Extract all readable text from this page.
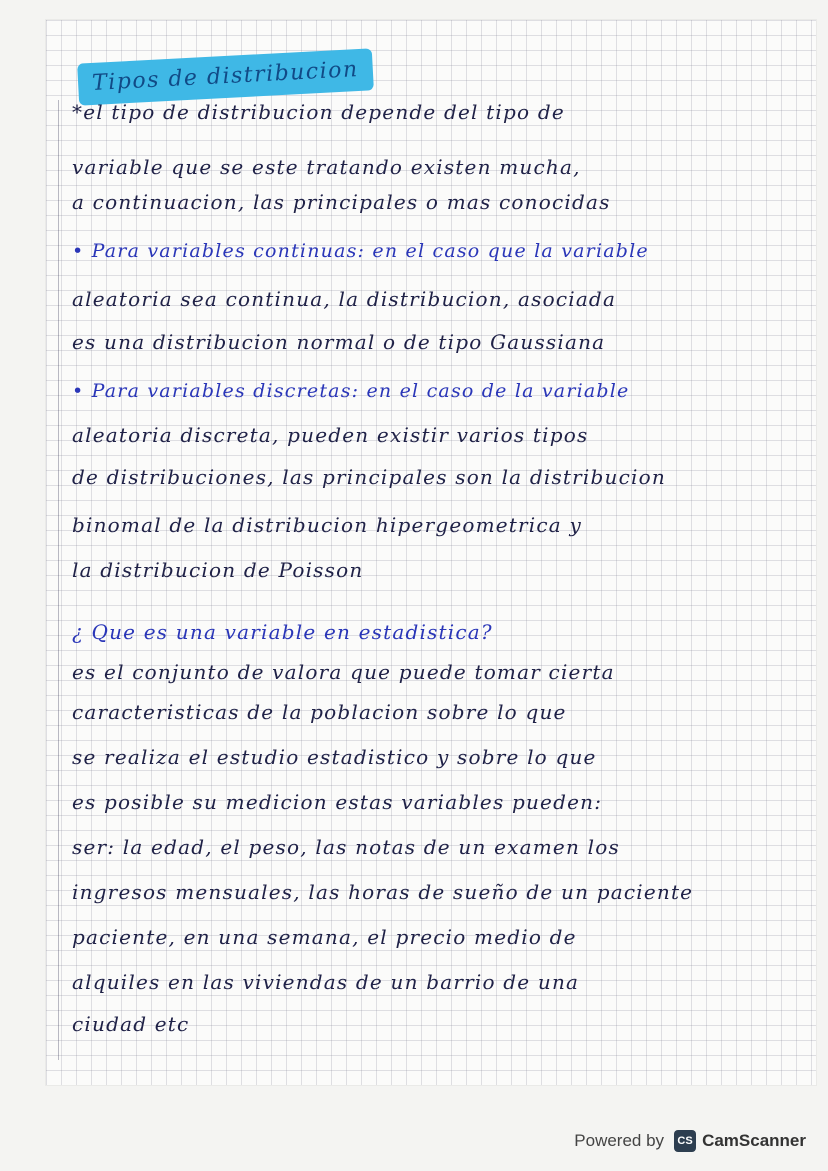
Tipos de distribucion
*el tipo de distribucion depende del tipo de
variable que se este tratando existen mucha,
a continuacion, las principales o mas conocidas
• Para variables continuas: en el caso que la variable
aleatoria sea continua, la distribucion, asociada
es una distribucion normal o de tipo Gaussiana
• Para variables discretas: en el caso de la variable
aleatoria discreta, pueden existir varios tipos
de distribuciones, las principales son la distribucion
binomal de la distribucion hipergeometrica y
la distribucion de Poisson
¿ Que es una variable en estadistica?
es el conjunto de valora que puede tomar cierta
caracteristicas de la poblacion sobre lo que
se realiza el estudio estadistico y sobre lo que
es posible su medicion estas variables pueden:
ser: la edad, el peso, las notas de un examen los
ingresos mensuales, las horas de sueño de un paciente
paciente, en una semana, el precio medio de
alquiles en las viviendas de un barrio de una
ciudad etc
Powered by	CS CamScanner
